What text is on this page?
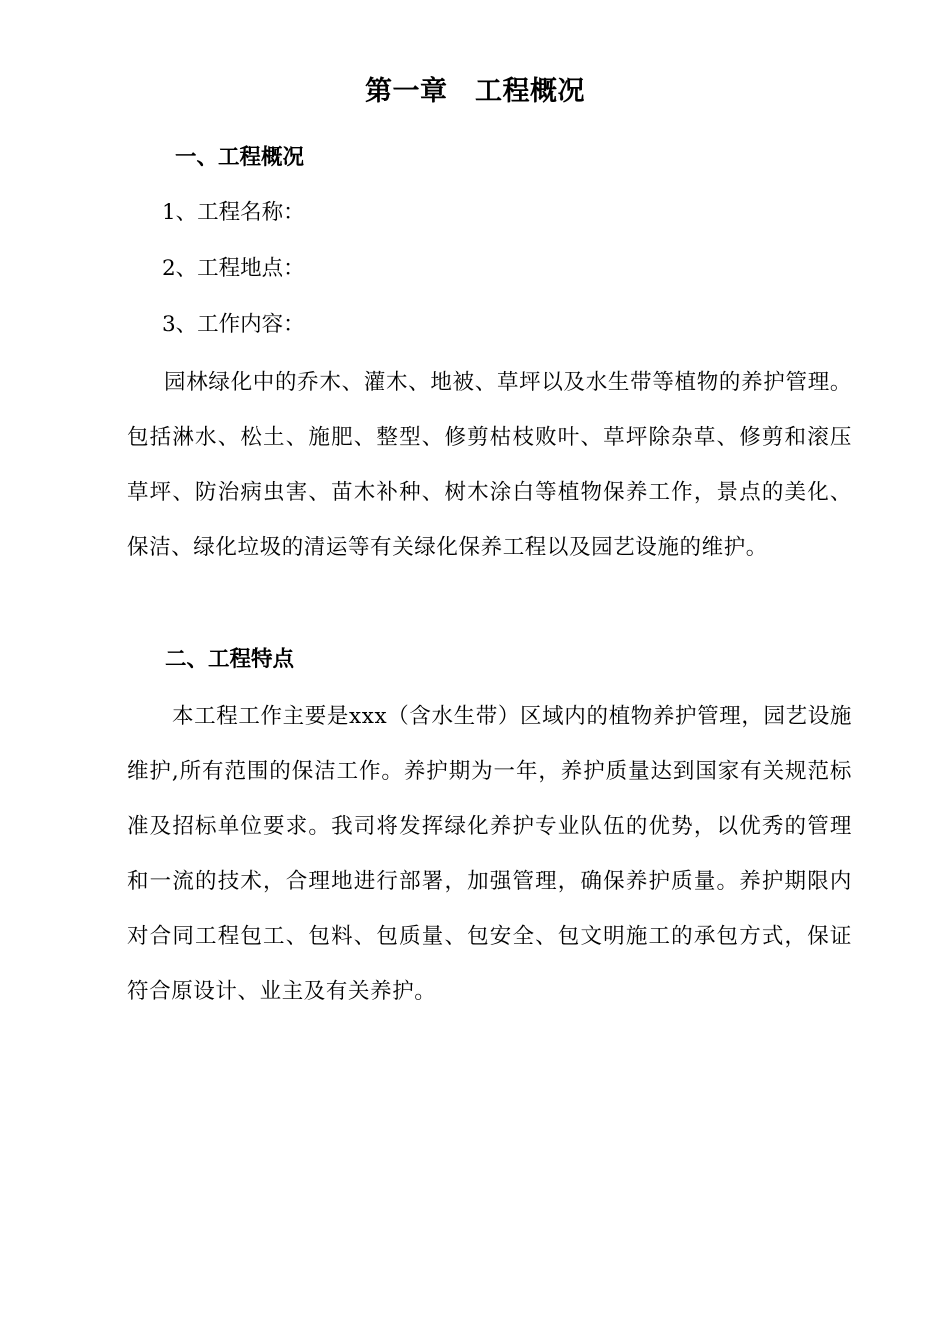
第一章　工程概况
一、工程概况
1、工程名称：
2、工程地点：
3、工作内容：
园林绿化中的乔木、灌木、地被、草坪以及水生带等植物的养护管理。包括淋水、松土、施肥、整型、修剪枯枝败叶、草坪除杂草、修剪和滚压草坪、防治病虫害、苗木补种、树木涂白等植物保养工作，景点的美化、保洁、绿化垃圾的清运等有关绿化保养工程以及园艺设施的维护。
二、工程特点
本工程工作主要是xxx（含水生带）区域内的植物养护管理，园艺设施维护,所有范围的保洁工作。养护期为一年，养护质量达到国家有关规范标准及招标单位要求。我司将发挥绿化养护专业队伍的优势，以优秀的管理和一流的技术，合理地进行部署，加强管理，确保养护质量。养护期限内对合同工程包工、包料、包质量、包安全、包文明施工的承包方式，保证符合原设计、业主及有关养护。
